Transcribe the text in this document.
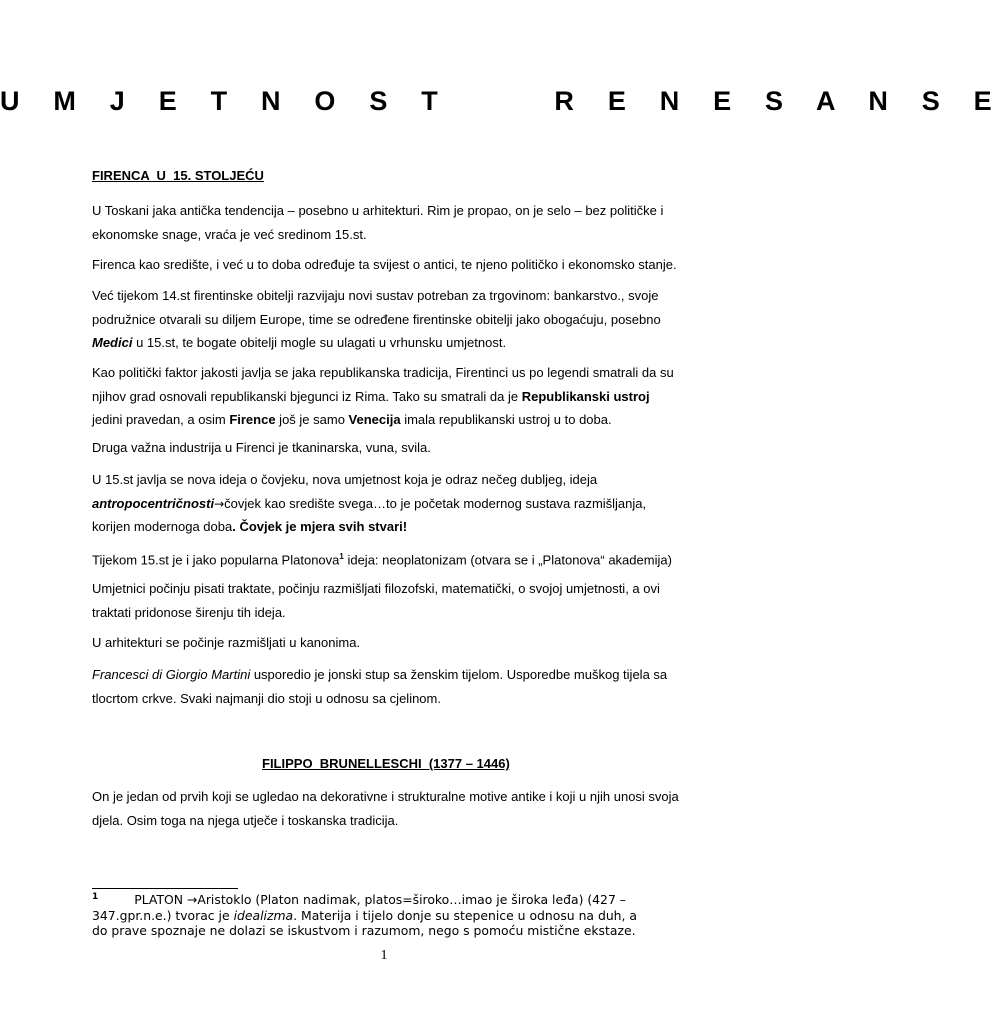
U M J E T N O S T     R E N E S A N S E
FIRENCA  U  15. STOLJEĆU
U Toskani jaka antička tendencija – posebno u arhitekturi. Rim je propao, on je selo – bez političke i
ekonomske snage, vraća je već sredinom 15.st.
Firenca kao središte, i već u to doba određuje ta svijest o antici, te njeno političko i ekonomsko stanje.
Već tijekom 14.st firentinske obitelji razvijaju novi sustav potreban za trgovinom: bankarstvo., svoje
podružnice otvarali su diljem Europe, time se određene firentinske obitelji jako obogaćuju, posebno
Medici u 15.st, te bogate obitelji mogle su ulagati u vrhunsku umjetnost.
Kao politički faktor jakosti javlja se jaka republikanska tradicija, Firentinci us po legendi smatrali da su
njihov grad osnovali republikanski bjegunci iz Rima. Tako su smatrali da je Republikanski ustroj
jedini pravedan, a osim Firence još je samo Venecija imala republikanski ustroj u to doba.
Druga važna industrija u Firenci je tkaninarska, vuna, svila.
U 15.st javlja se nova ideja o čovjeku, nova umjetnost koja je odraz nečeg dubljeg, ideja
antropocentričnosti→čovjek kao središte svega…to je početak modernog sustava razmišljanja,
korijen modernoga doba. Čovjek je mjera svih stvari!
Tijekom 15.st je i jako popularna Platonova$^1$ ideja: neoplatonizam (otvara se i „Platonova“ akademija)
Umjetnici počinju pisati traktate, počinju razmišljati filozofski, matematički, o svojoj umjetnosti, a ovi
traktati pridonose širenju tih ideja.
U arhitekturi se počinje razmišljati u kanonima.
Francesci di Giorgio Martini usporedio je jonski stup sa ženskim tijelom. Usporedbe muškog tijela sa
tlocrtom crkve. Svaki najmanji dio stoji u odnosu sa cjelinom.
FILIPPO  BRUNELLESCHI  (1377 – 1446)
On je jedan od prvih koji se ugledao na dekorativne i strukturalne motive antike i koji u njih unosi svoja
djela. Osim toga na njega utječe i toskanska tradicija.
$^1$	PLATON →Aristoklo (Platon nadimak, platos=široko…imao je široka leđa) (427 –
347.gpr.n.e.) tvorac je idealizma. Materija i tijelo donje su stepenice u odnosu na duh, a
do prave spoznaje ne dolazi se iskustvom i razumom, nego s pomoću mistične ekstaze.
1
